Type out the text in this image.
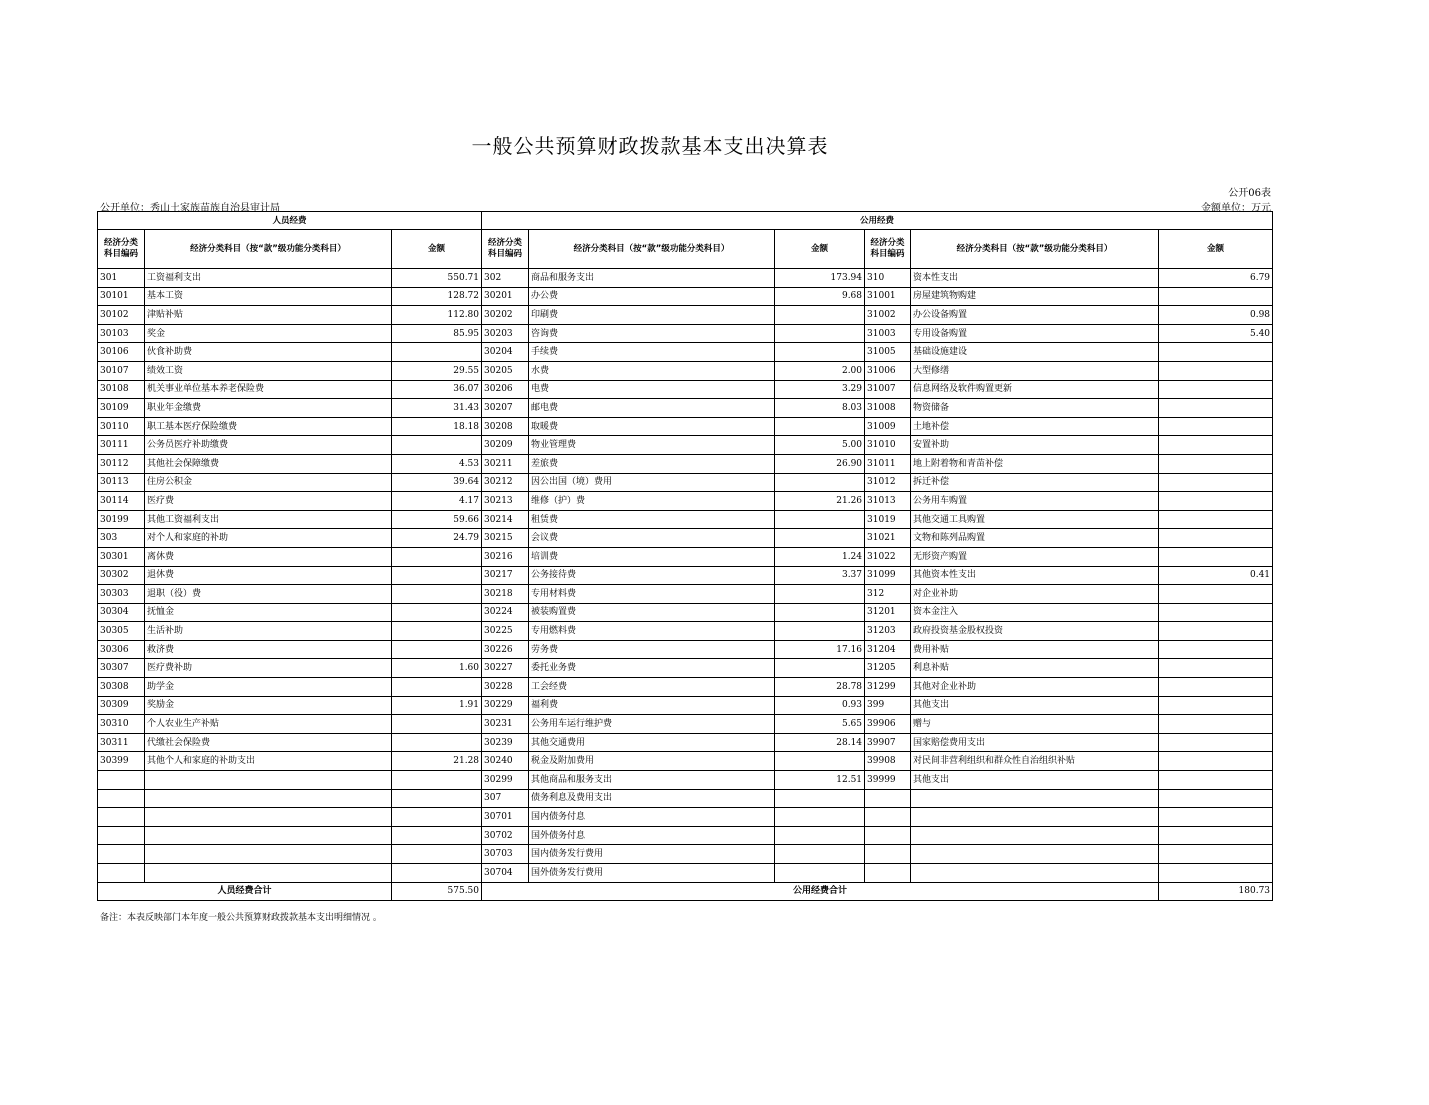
一般公共预算财政拨款基本支出决算表
公开06表
公开单位：秀山土家族苗族自治县审计局	金额单位：万元
人员经费			公用经费					
经济分类科目编码	经济分类科目（按“款”级功能分类科目）	金额	经济分类科目编码	经济分类科目（按“款”级功能分类科目）	金额	经济分类科目编码	经济分类科目（按“款”级功能分类科目）	金额
301	工资福利支出	550.71	302	商品和服务支出	173.94	310	资本性支出	6.79
30101	基本工资	128.72	30201	办公费	9.68	31001	房屋建筑物购建	
30102	津贴补贴	112.80	30202	印刷费		31002	办公设备购置	0.98
30103	奖金	85.95	30203	咨询费		31003	专用设备购置	5.40
30106	伙食补助费		30204	手续费		31005	基础设施建设	
30107	绩效工资	29.55	30205	水费	2.00	31006	大型修缮	
30108	机关事业单位基本养老保险费	36.07	30206	电费	3.29	31007	信息网络及软件购置更新	
30109	职业年金缴费	31.43	30207	邮电费	8.03	31008	物资储备	
30110	职工基本医疗保险缴费	18.18	30208	取暖费		31009	土地补偿	
30111	公务员医疗补助缴费		30209	物业管理费	5.00	31010	安置补助	
30112	其他社会保障缴费	4.53	30211	差旅费	26.90	31011	地上附着物和青苗补偿	
30113	住房公积金	39.64	30212	因公出国（境）费用		31012	拆迁补偿	
30114	医疗费	4.17	30213	维修（护）费	21.26	31013	公务用车购置	
30199	其他工资福利支出	59.66	30214	租赁费		31019	其他交通工具购置	
303	对个人和家庭的补助	24.79	30215	会议费		31021	文物和陈列品购置	
30301	离休费		30216	培训费	1.24	31022	无形资产购置	
30302	退休费		30217	公务接待费	3.37	31099	其他资本性支出	0.41
30303	退职（役）费		30218	专用材料费		312	对企业补助	
30304	抚恤金		30224	被装购置费		31201	资本金注入	
30305	生活补助		30225	专用燃料费		31203	政府投资基金股权投资	
30306	救济费		30226	劳务费	17.16	31204	费用补贴	
30307	医疗费补助	1.60	30227	委托业务费		31205	利息补贴	
30308	助学金		30228	工会经费	28.78	31299	其他对企业补助	
30309	奖励金	1.91	30229	福利费	0.93	399	其他支出	
30310	个人农业生产补贴		30231	公务用车运行维护费	5.65	39906	赠与	
30311	代缴社会保险费		30239	其他交通费用	28.14	39907	国家赔偿费用支出	
30399	其他个人和家庭的补助支出	21.28	30240	税金及附加费用		39908	对民间非营利组织和群众性自治组织补贴	
			30299	其他商品和服务支出	12.51	39999	其他支出	
			307	债务利息及费用支出				
			30701	国内债务付息				
			30702	国外债务付息				
			30703	国内债务发行费用				
			30704	国外债务发行费用				
人员经费合计		575.50	公用经费合计					180.73
备注：本表反映部门本年度一般公共预算财政拨款基本支出明细情况 。
